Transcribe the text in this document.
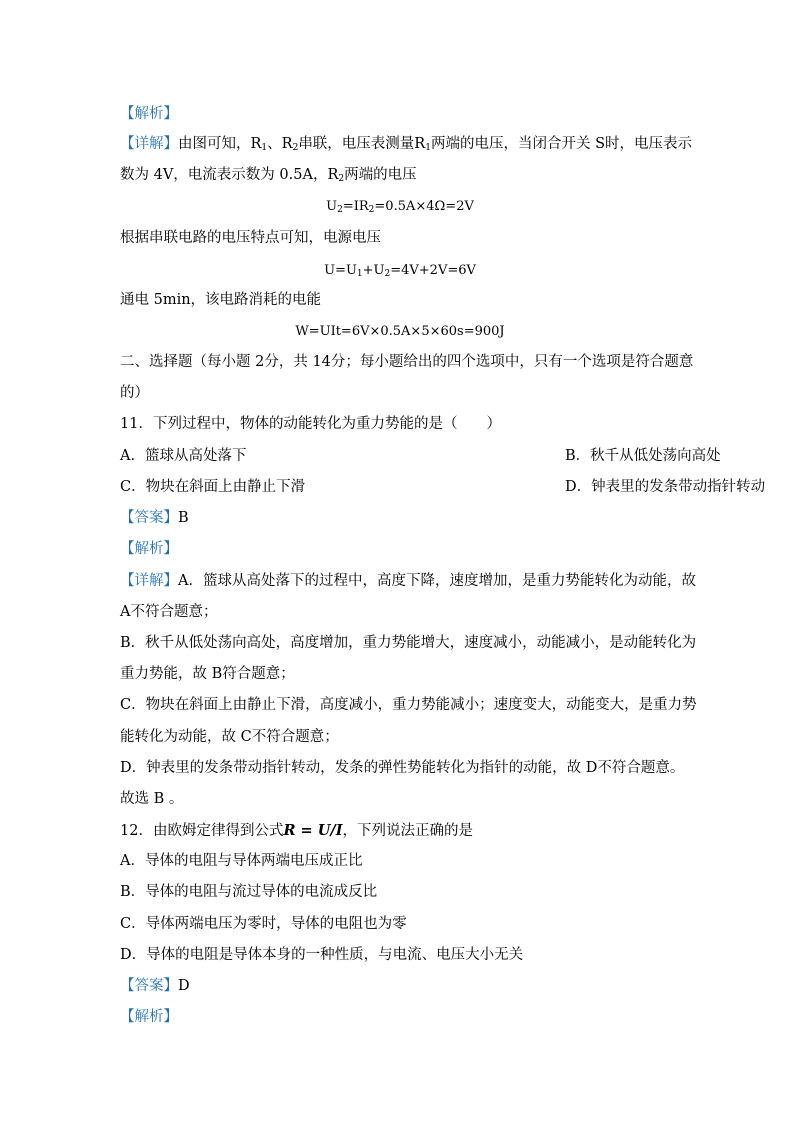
【解析】
【详解】由图可知，$R_1$、$R_2$串联，电压表测量$R_1$两端的电压，当闭合开关 S时，电压表示
数为 4V，电流表示数为 0.5A，$R_2$两端的电压
$U_2=IR_2=0.5A\times 4\Omega=2V$
根据串联电路的电压特点可知，电源电压
$U=U_1+U_2=4V+2V=6V$
通电 5min，该电路消耗的电能
W=UIt=6V×0.5A×5×60s=900J
二、选择题（每小题 2分，共 14分；每小题给出的四个选项中，只有一个选项是符合题意
的）
11．下列过程中，物体的动能转化为重力势能的是（　　）
A．篮球从高处落下	B．秋千从低处荡向高处
C．物块在斜面上由静止下滑	D．钟表里的发条带动指针转动
【答案】B
【解析】
【详解】A．篮球从高处落下的过程中，高度下降，速度增加，是重力势能转化为动能，故
A不符合题意；
B．秋千从低处荡向高处，高度增加，重力势能增大，速度减小，动能减小，是动能转化为
重力势能，故 B符合题意；
C．物块在斜面上由静止下滑，高度减小，重力势能减小；速度变大，动能变大，是重力势
能转化为动能，故 C不符合题意；
D．钟表里的发条带动指针转动，发条的弹性势能转化为指针的动能，故 D不符合题意。
故选 B 。
12．由欧姆定律得到公式R = U/I，下列说法正确的是
A．导体的电阻与导体两端电压成正比
B．导体的电阻与流过导体的电流成反比
C．导体两端电压为零时，导体的电阻也为零
D．导体的电阻是导体本身的一种性质，与电流、电压大小无关
【答案】D
【解析】
